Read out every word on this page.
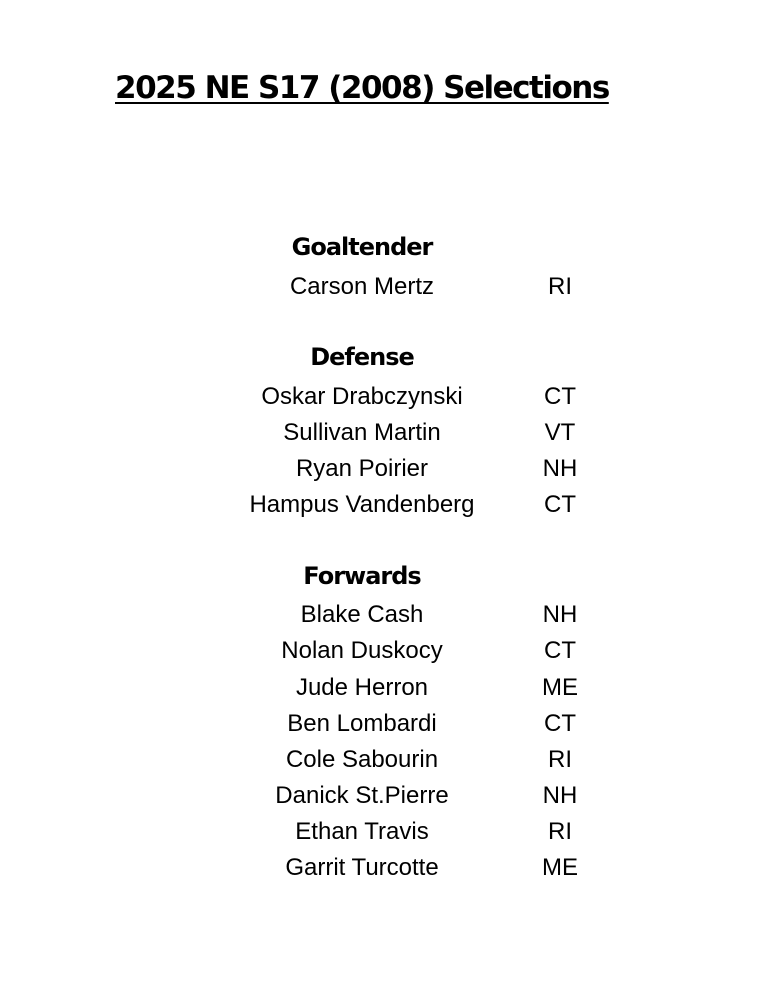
2025 NE S17 (2008) Selections
Goaltender
Carson Mertz	RI
Defense
Oskar Drabczynski	CT
Sullivan Martin	VT
Ryan Poirier	NH
Hampus Vandenberg	CT
Forwards
Blake Cash	NH
Nolan Duskocy	CT
Jude Herron	ME
Ben Lombardi	CT
Cole Sabourin	RI
Danick St.Pierre	NH
Ethan Travis	RI
Garrit Turcotte	ME
